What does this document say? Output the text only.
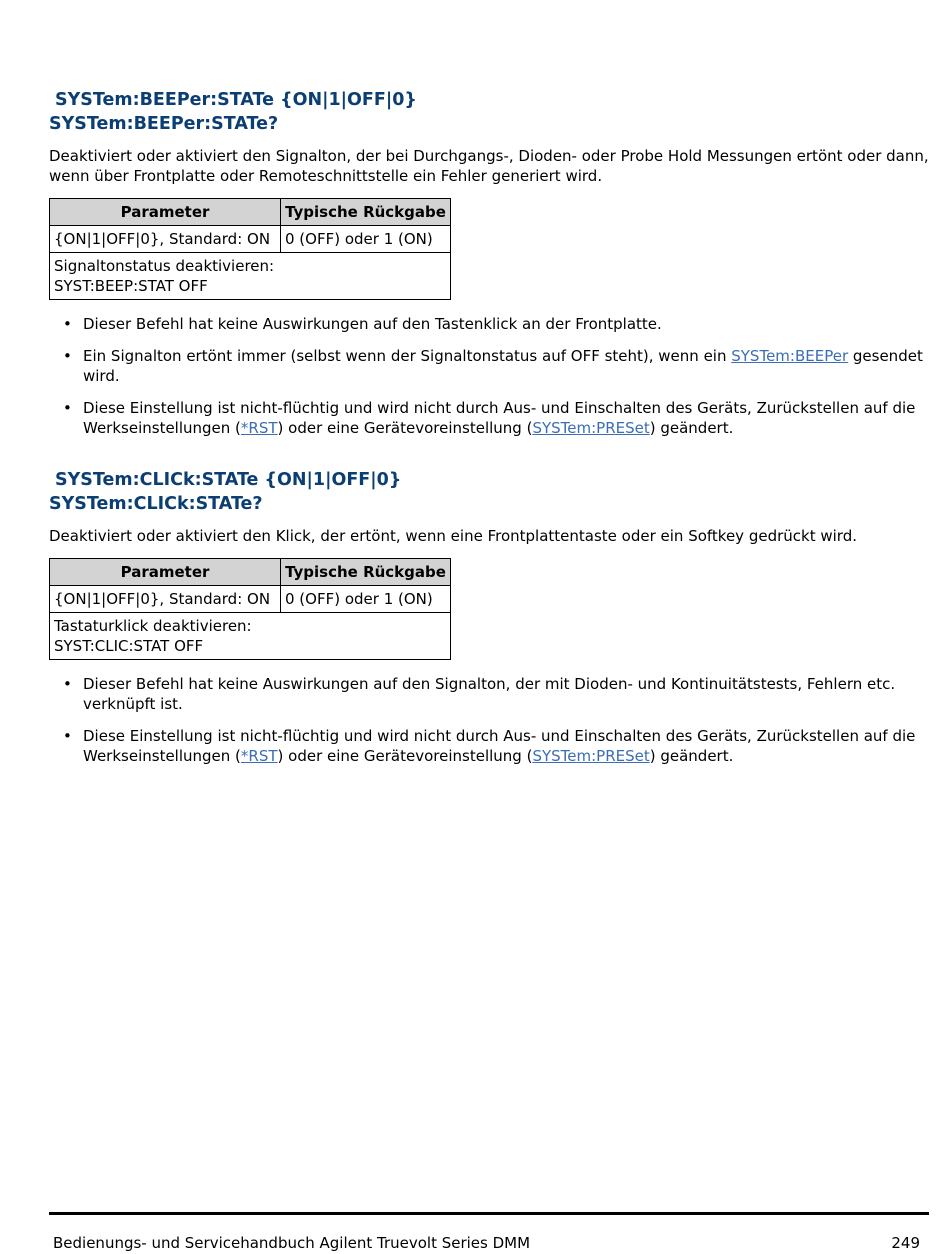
SYSTem:BEEPer:STATe {ON|1|OFF|0}
SYSTem:BEEPer:STATe?

Deaktiviert oder aktiviert den Signalton, der bei Durchgangs-, Dioden- oder Probe Hold Messungen ertönt oder dann, wenn über Frontplatte oder Remoteschnittstelle ein Fehler generiert wird.

Parameter	Typische Rückgabe
{ON|1|OFF|0}, Standard: ON	0 (OFF) oder 1 (ON)

Signaltonstatus deaktivieren:
SYST:BEEP:STAT OFF	
• Dieser Befehl hat keine Auswirkungen auf den Tastenklick an der Frontplatte.
• Ein Signalton ertönt immer (selbst wenn der Signaltonstatus auf OFF steht), wenn ein SYSTem:BEEPer gesendet wird.
• Diese Einstellung ist nicht-flüchtig und wird nicht durch Aus- und Einschalten des Geräts, Zurückstellen auf die Werkseinstellungen (*RST) oder eine Gerätevoreinstellung (SYSTem:PRESet) geändert.
SYSTem:CLICk:STATe {ON|1|OFF|0}
SYSTem:CLICk:STATe?

Deaktiviert oder aktiviert den Klick, der ertönt, wenn eine Frontplattentaste oder ein Softkey gedrückt wird.

Parameter	Typische Rückgabe
{ON|1|OFF|0}, Standard: ON	0 (OFF) oder 1 (ON)

Tastaturklick deaktivieren:
SYST:CLIC:STAT OFF	
• Dieser Befehl hat keine Auswirkungen auf den Signalton, der mit Dioden- und Kontinuitätstests, Fehlern etc. verknüpft ist.
• Diese Einstellung ist nicht-flüchtig und wird nicht durch Aus- und Einschalten des Geräts, Zurückstellen auf die Werkseinstellungen (*RST) oder eine Gerätevoreinstellung (SYSTem:PRESet) geändert.
Bedienungs- und Servicehandbuch Agilent Truevolt Series DMM	249
